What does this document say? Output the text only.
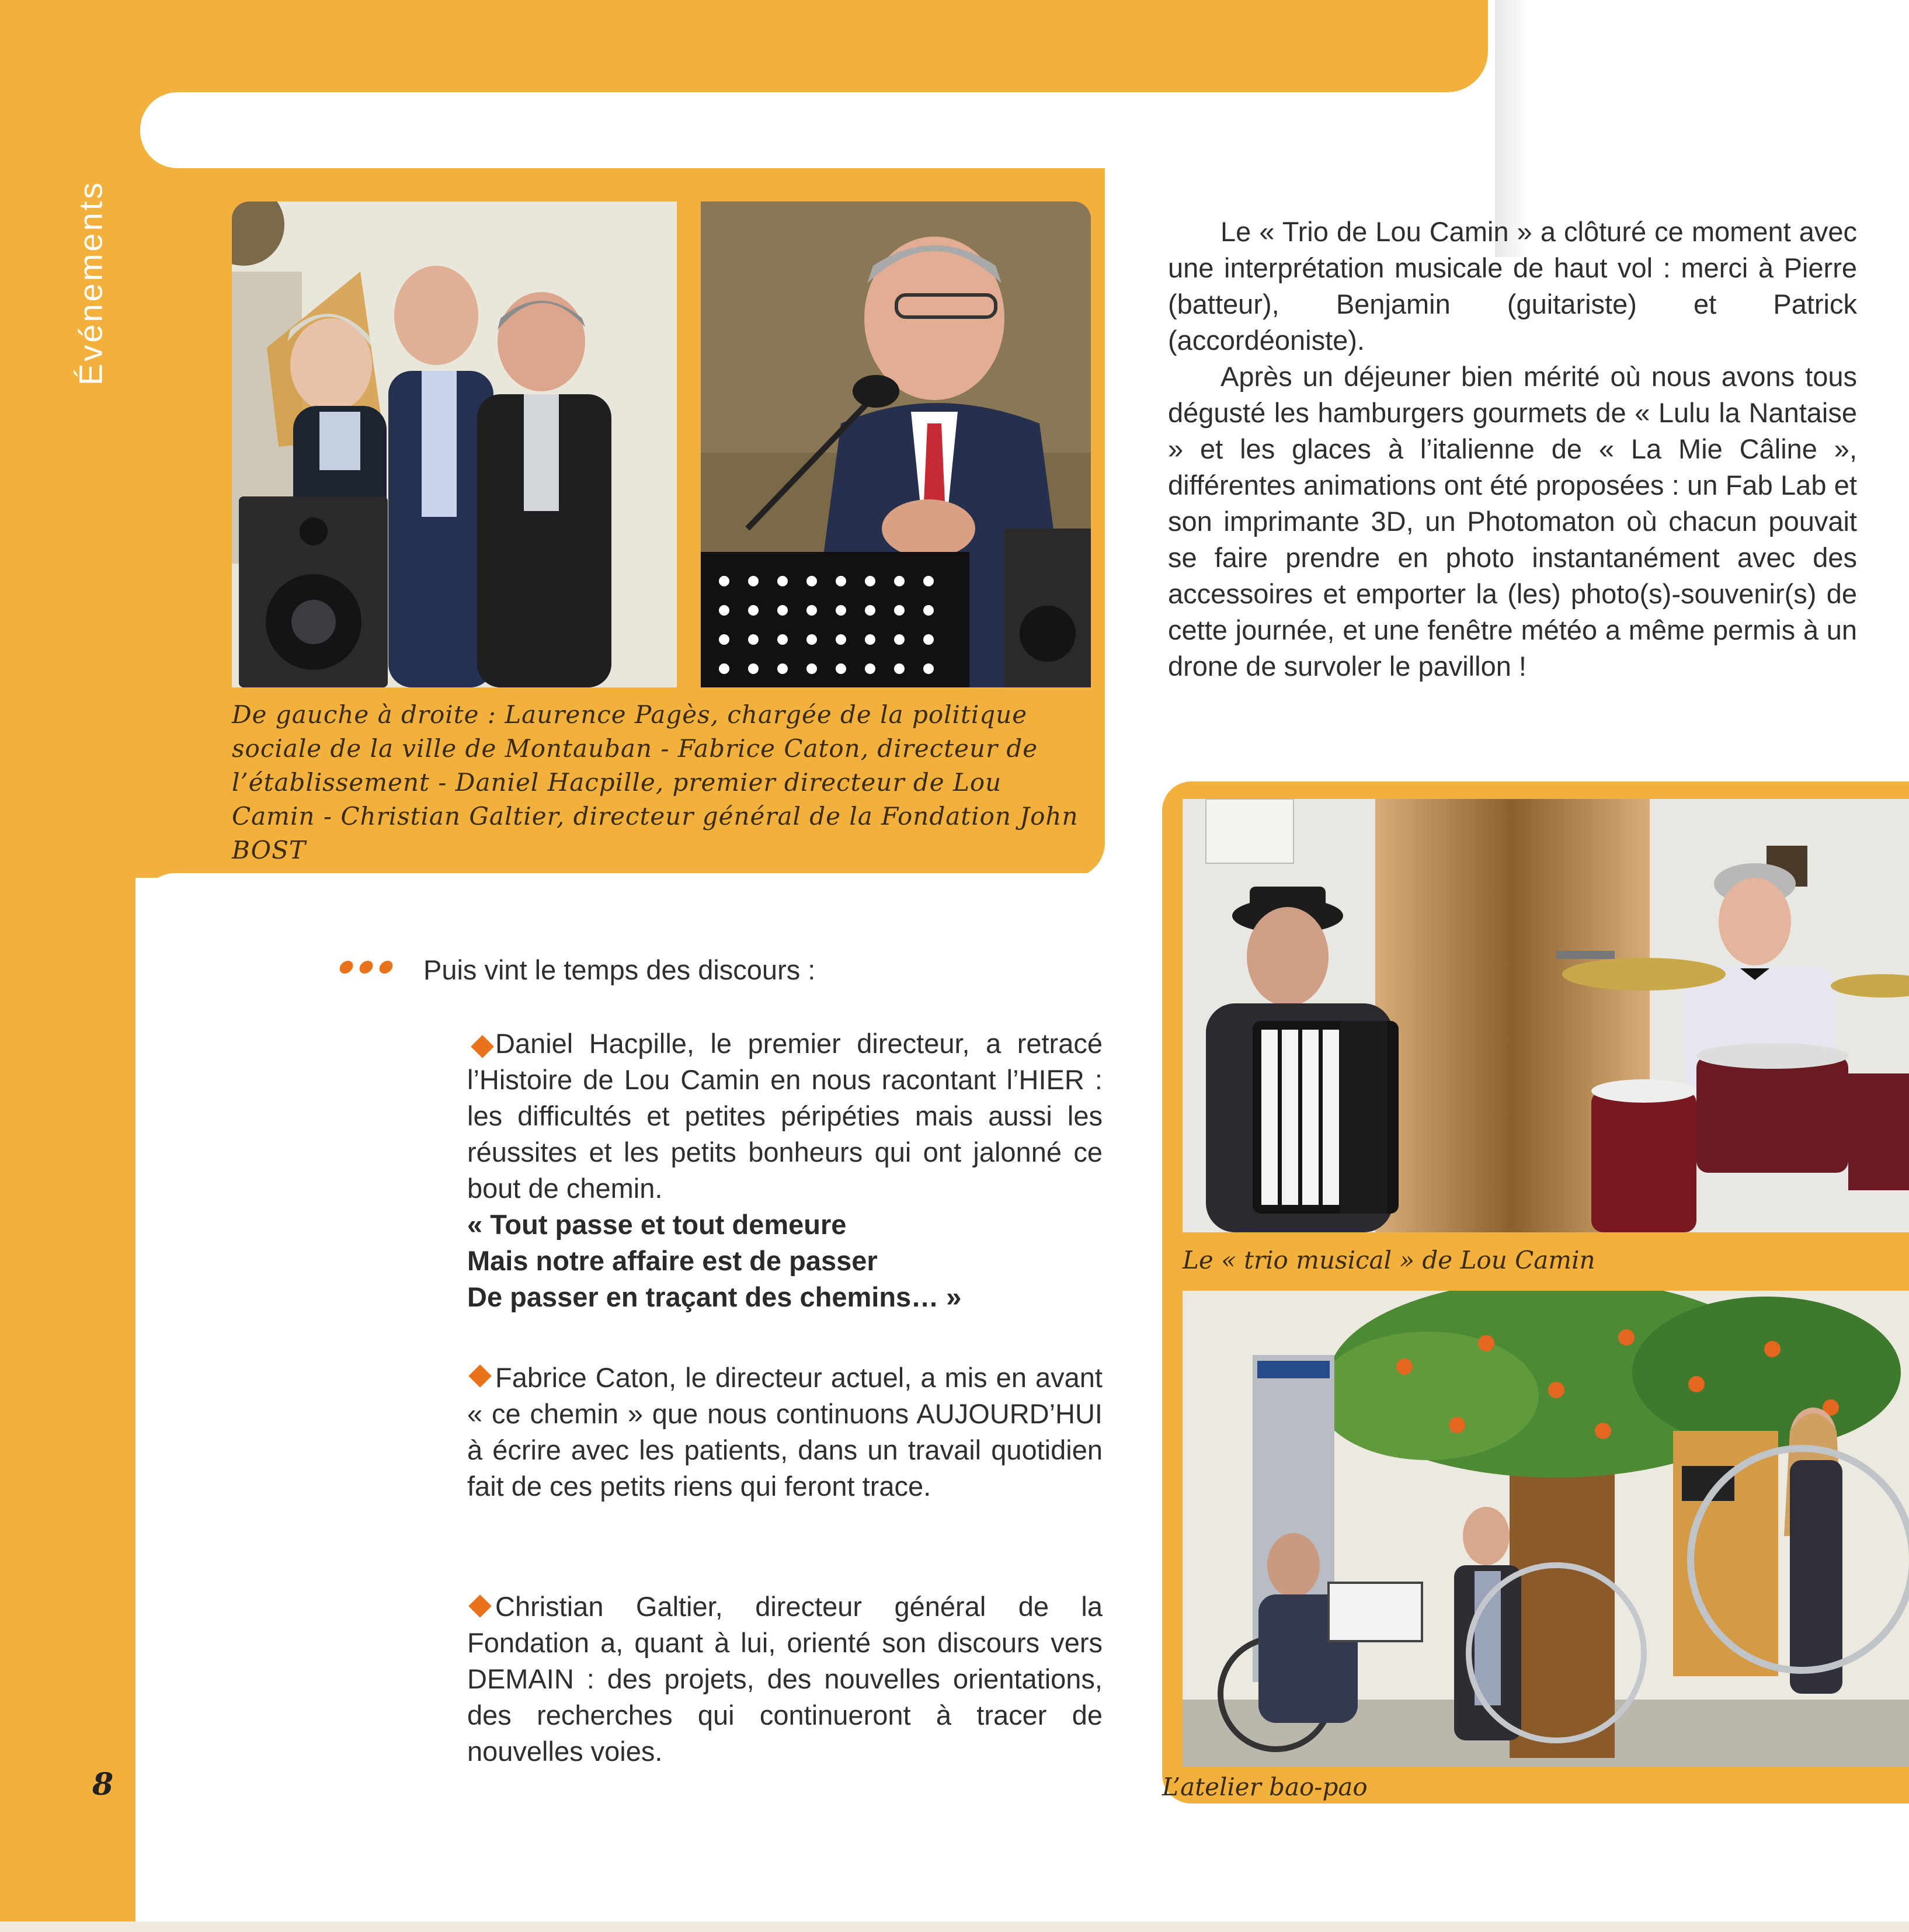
Événements
De gauche à droite : Laurence Pagès, chargée de la politique sociale de la ville de Montauban - Fabrice Caton, directeur de l’établissement - Daniel Hacpille, premier directeur de Lou Camin - Christian Galtier, directeur général de la Fondation John BOST

Le « Trio de Lou Camin » a clôturé ce moment avec une interprétation musicale de haut vol : merci à Pierre (batteur), Benjamin (guitariste) et Patrick (accordéoniste).

Après un déjeuner bien mérité où nous avons tous dégusté les hamburgers gourmets de « Lulu la Nantaise » et les glaces à l’italienne de « La Mie Câline », différentes animations ont été proposées : un Fab Lab et son imprimante 3D, un Photomaton où chacun pouvait se faire prendre en photo instantanément avec des accessoires et emporter la (les) photo(s)-souvenir(s) de cette journée, et une fenêtre météo a même permis à un drone de survoler le pavillon !

Le « trio musical » de Lou Camin
L’atelier bao-pao
Puis vint le temps des discours :

Daniel Hacpille, le premier directeur, a retracé l’Histoire de Lou Camin en nous racontant l’HIER : les difficultés et petites péripéties mais aussi les réussites et les petits bonheurs qui ont jalonné ce bout de chemin.

« Tout passe et tout demeure

Mais notre affaire est de passer

De passer en traçant des chemins… »

Fabrice Caton, le directeur actuel, a mis en avant « ce chemin » que nous continuons AUJOURD’HUI à écrire avec les patients, dans un travail quotidien fait de ces petits riens qui feront trace.

Christian Galtier, directeur général de la Fondation a, quant à lui, orienté son discours vers DEMAIN : des projets, des nouvelles orientations, des recherches qui continueront à tracer de nouvelles voies.

8
